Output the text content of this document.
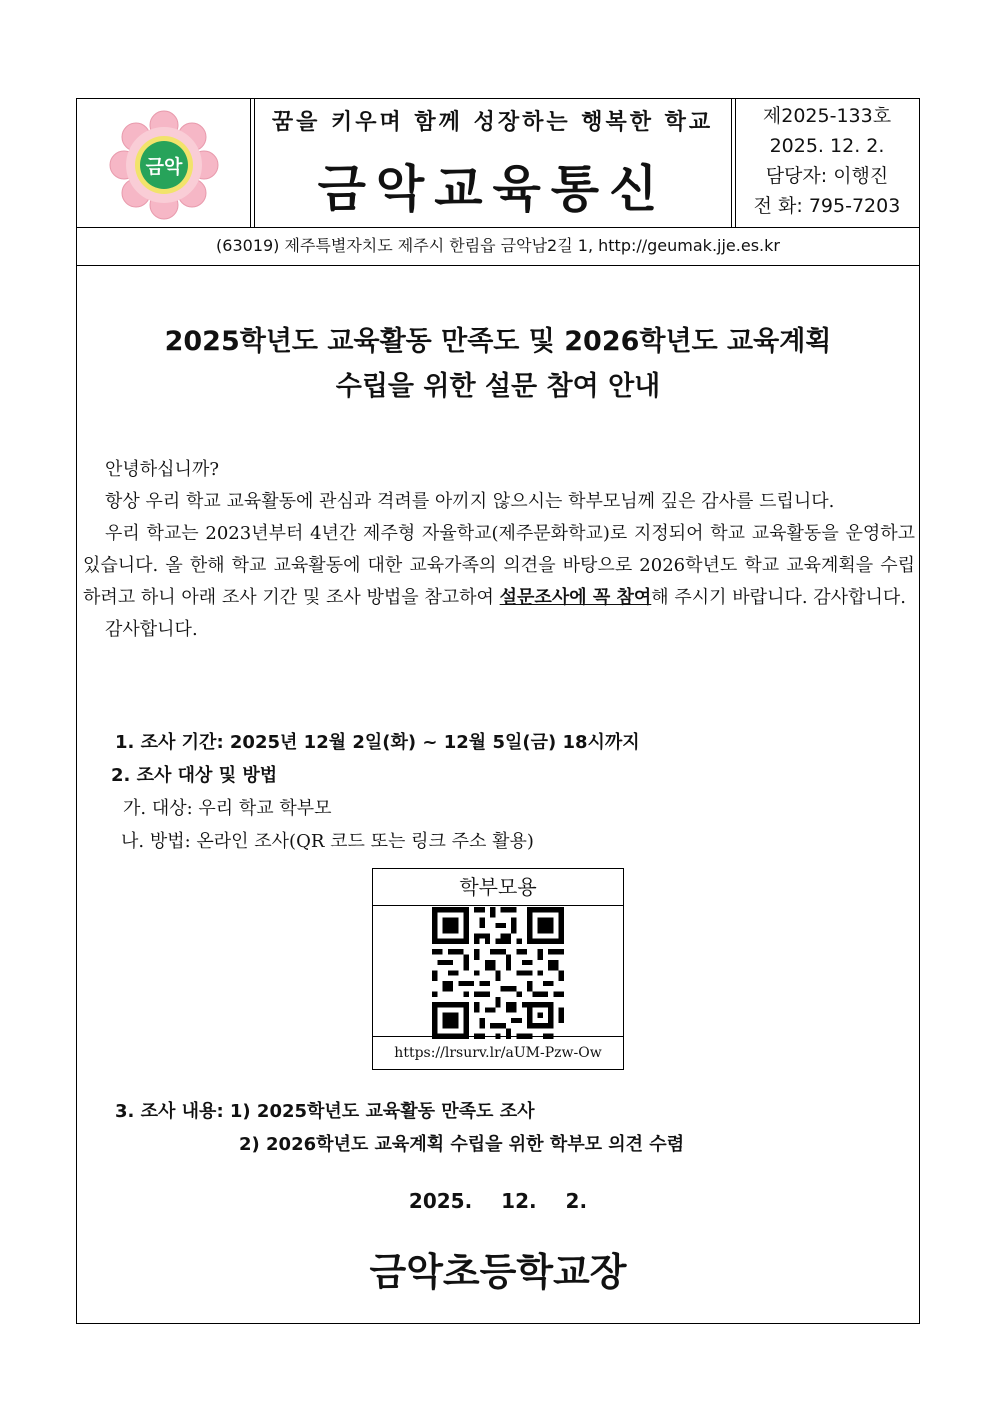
금악
꿈을 키우며 함께 성장하는 행복한 학교
금악교육통신
제2025-133호
2025. 12. 2.
담당자: 이행진
전 화: 795-7203
(63019) 제주특별자치도 제주시 한림읍 금악남2길 1, http://geumak.jje.es.kr
2025학년도 교육활동 만족도 및 2026학년도 교육계획
수립을 위한 설문 참여 안내

안녕하십니까?

항상 우리 학교 교육활동에 관심과 격려를 아끼지 않으시는 학부모님께 깊은 감사를 드립니다.

우리 학교는 2023년부터 4년간 제주형 자율학교(제주문화학교)로 지정되어 학교 교육활동을 운영하고 있습니다. 올 한해 학교 교육활동에 대한 교육가족의 의견을 바탕으로 2026학년도 학교 교육계획을 수립하려고 하니 아래 조사 기간 및 조사 방법을 참고하여 설문조사에 꼭 참여해 주시기 바랍니다. 감사합니다.

감사합니다.

1. 조사 기간: 2025년 12월 2일(화) ~ 12월 5일(금) 18시까지
2. 조사 대상 및 방법
가. 대상: 우리 학교 학부모
나. 방법: 온라인 조사(QR 코드 또는 링크 주소 활용)
학부모용
https://lrsurv.lr/aUM-Pzw-Ow
3. 조사 내용: 1) 2025학년도 교육활동 만족도 조사
2) 2026학년도 교육계획 수립을 위한 학부모 의견 수렴
2025. 12. 2.
금악초등학교장
